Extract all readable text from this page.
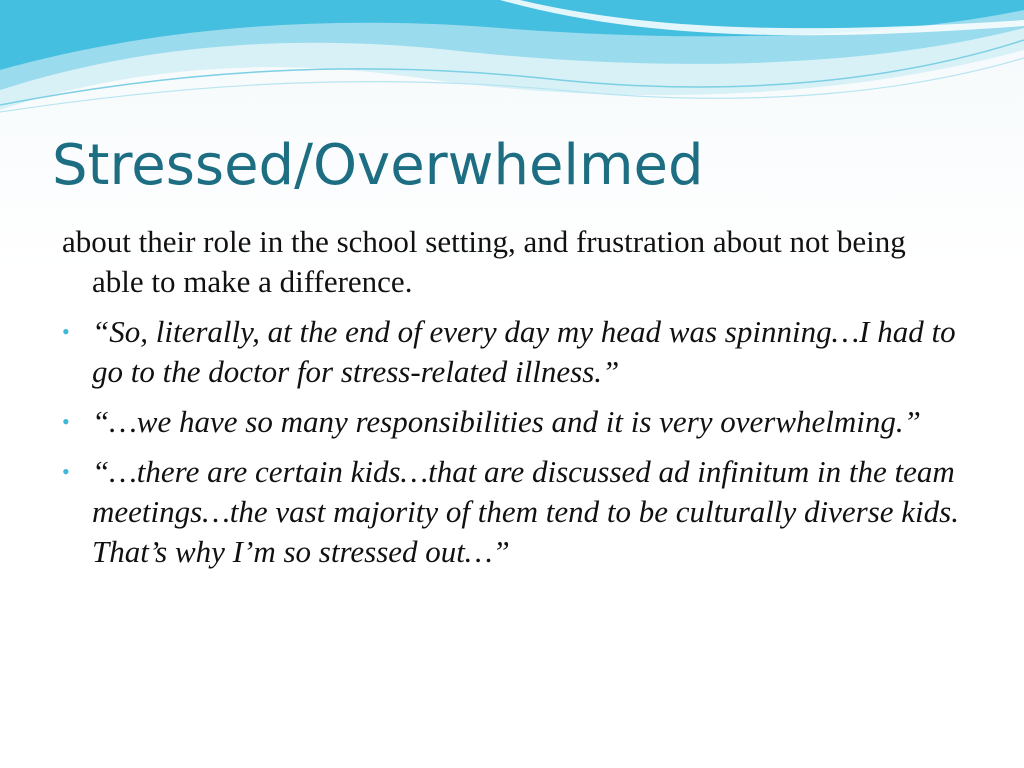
Stressed/Overwhelmed

about their role in the school setting, and frustration about not being able to make a difference.

• “So, literally, at the end of every day my head was spinning…I had to go to the doctor for stress-related illness.”
• “…we have so many responsibilities and it is very overwhelming.”
• “…there are certain kids…that are discussed ad infinitum in the team meetings…the vast majority of them tend to be culturally diverse kids. That’s why I’m so stressed out…”
